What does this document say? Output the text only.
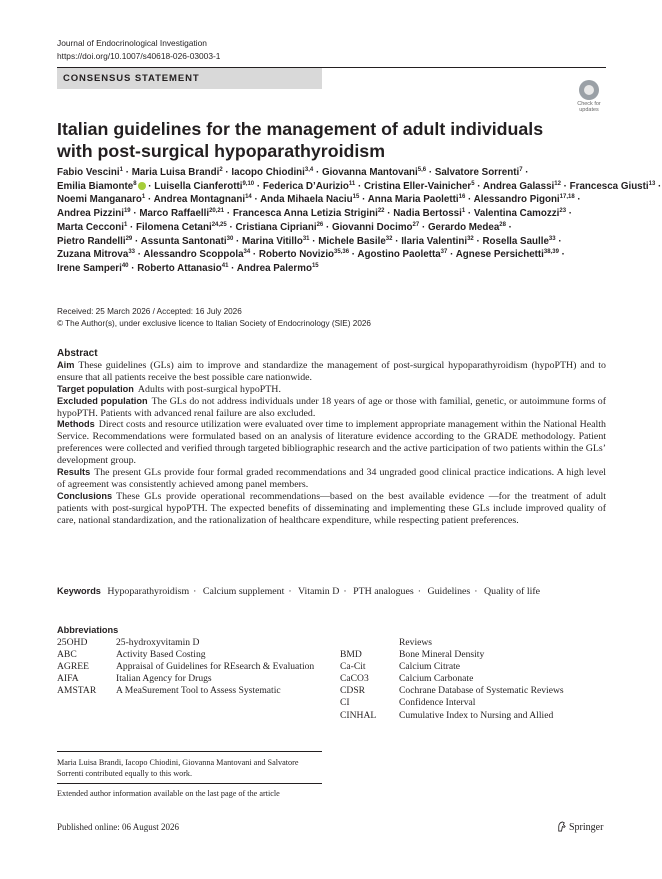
Journal of Endocrinological Investigation
https://doi.org/10.1007/s40618-026-03003-1
CONSENSUS STATEMENT
Check for updates
Italian guidelines for the management of adult individuals with post-surgical hypoparathyroidism
Fabio Vescini$^1$ · Maria Luisa Brandi$^2$ · Iacopo Chiodini$^{3,4}$ · Giovanna Mantovani$^{5,6}$ · Salvatore Sorrenti$^7$ ·
Emilia Biamonte$^8$ · Luisella Cianferotti$^{9,10}$ · Federica D’Aurizio$^{11}$ · Cristina Eller-Vainicher$^5$ · Andrea Galassi$^{12}$ · Francesca Giusti$^{13}$ ·
Noemi Manganaro$^1$ · Andrea Montagnani$^{14}$ · Anda Mihaela Naciu$^{15}$ · Anna Maria Paoletti$^{16}$ · Alessandro Pigoni$^{17,18}$ ·
Andrea Pizzini$^{19}$ · Marco Raffaelli$^{20,21}$ · Francesca Anna Letizia Strigini$^{22}$ · Nadia Bertossi$^1$ · Valentina Camozzi$^{23}$ ·
Marta Cecconi$^1$ · Filomena Cetani$^{24,25}$ · Cristiana Cipriani$^{26}$ · Giovanni Docimo$^{27}$ · Gerardo Medea$^{28}$ ·
Pietro Randelli$^{29}$ · Assunta Santonati$^{30}$ · Marina Vitillo$^{31}$ · Michele Basile$^{32}$ · Ilaria Valentini$^{32}$ · Rosella Saulle$^{33}$ ·
Zuzana Mitrova$^{33}$ · Alessandro Scoppola$^{34}$ · Roberto Novizio$^{35,36}$ · Agostino Paoletta$^{37}$ · Agnese Persichetti$^{38,39}$ ·
Irene Samperi$^{40}$ · Roberto Attanasio$^{41}$ · Andrea Palermo$^{15}$
Received: 25 March 2026 / Accepted: 16 July 2026
© The Author(s), under exclusive licence to Italian Society of Endocrinology (SIE) 2026
Abstract

Aim These guidelines (GLs) aim to improve and standardize the management of post-surgical hypoparathyroidism (hypoPTH) and to ensure that all patients receive the best possible care nationwide.

Target population Adults with post-surgical hypoPTH.

Excluded population The GLs do not address individuals under 18 years of age or those with familial, genetic, or autoimmune forms of hypoPTH. Patients with advanced renal failure are also excluded.

Methods Direct costs and resource utilization were evaluated over time to implement appropriate management within the National Health Service. Recommendations were formulated based on an analysis of literature evidence according to the GRADE methodology. Patient preferences were collected and verified through targeted bibliographic research and the active participation of two patients within the GLs’ development group.

Results The present GLs provide four formal graded recommendations and 34 ungraded good clinical practice indications. A high level of agreement was consistently achieved among panel members.

Conclusions These GLs provide operational recommendations—based on the best available evidence —for the treatment of adult patients with post-surgical hypoPTH. The expected benefits of disseminating and implementing these GLs include improved quality of care, national standardization, and the rationalization of healthcare expenditure, while respecting patient preferences.

Keywords Hypoparathyroidism · Calcium supplement · Vitamin D · PTH analogues · Guidelines · Quality of life
Abbreviations
25OHD	25-hydroxyvitamin D
ABC	Activity Based Costing
AGREE	Appraisal of Guidelines for REsearch & Evaluation
AIFA	Italian Agency for Drugs
AMSTAR	A MeaSurement Tool to Assess Systematic
	Reviews
BMD	Bone Mineral Density
Ca-Cit	Calcium Citrate
CaCO3	Calcium Carbonate
CDSR	Cochrane Database of Systematic Reviews
CI	Confidence Interval
CINHAL	Cumulative Index to Nursing and Allied
Maria Luisa Brandi, Iacopo Chiodini, Giovanna Mantovani and Salvatore Sorrenti contributed equally to this work.
Extended author information available on the last page of the article
Published online: 06 August 2026	Springer
